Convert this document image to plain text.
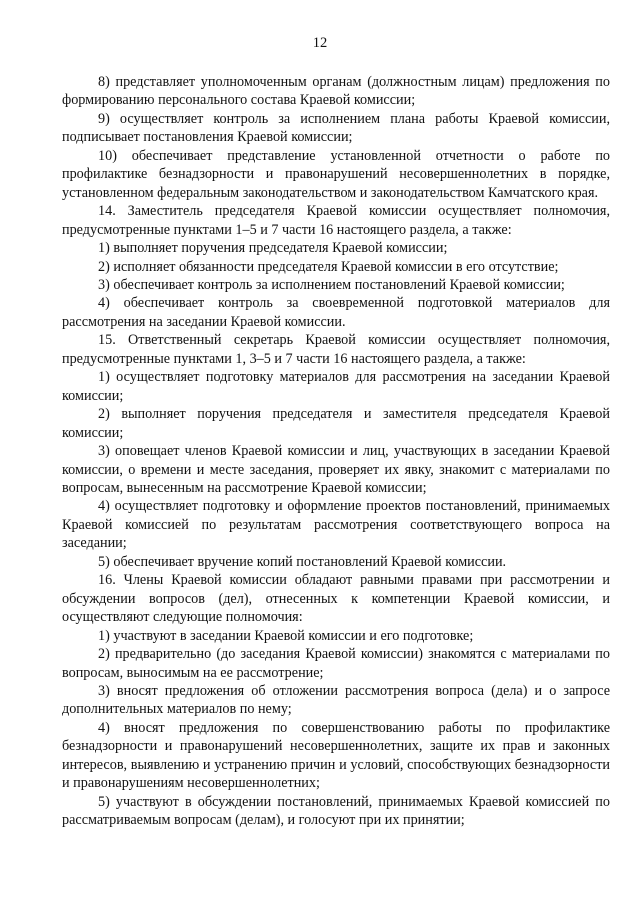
12

8) представляет уполномоченным органам (должностным лицам) предложения по формированию персонального состава Краевой комиссии;

9) осуществляет контроль за исполнением плана работы Краевой комиссии, подписывает постановления Краевой комиссии;

10) обеспечивает представление установленной отчетности о работе по профилактике безнадзорности и правонарушений несовершеннолетних в порядке, установленном федеральным законодательством и законодательством Камчатского края.

14. Заместитель председателя Краевой комиссии осуществляет полномочия, предусмотренные пунктами 1–5 и 7 части 16 настоящего раздела, а также:

1) выполняет поручения председателя Краевой комиссии;

2) исполняет обязанности председателя Краевой комиссии в его отсутствие;

3) обеспечивает контроль за исполнением постановлений Краевой комиссии;

4) обеспечивает контроль за своевременной подготовкой материалов для рассмотрения на заседании Краевой комиссии.

15. Ответственный секретарь Краевой комиссии осуществляет полномочия, предусмотренные пунктами 1, 3–5 и 7 части 16 настоящего раздела, а также:

1) осуществляет подготовку материалов для рассмотрения на заседании Краевой комиссии;

2) выполняет поручения председателя и заместителя председателя Краевой комиссии;

3) оповещает членов Краевой комиссии и лиц, участвующих в заседании Краевой комиссии, о времени и месте заседания, проверяет их явку, знакомит с материалами по вопросам, вынесенным на рассмотрение Краевой комиссии;

4) осуществляет подготовку и оформление проектов постановлений, принимаемых Краевой комиссией по результатам рассмотрения соответствующего вопроса на заседании;

5) обеспечивает вручение копий постановлений Краевой комиссии.

16. Члены Краевой комиссии обладают равными правами при рассмотрении и обсуждении вопросов (дел), отнесенных к компетенции Краевой комиссии, и осуществляют следующие полномочия:

1) участвуют в заседании Краевой комиссии и его подготовке;

2) предварительно (до заседания Краевой комиссии) знакомятся с материалами по вопросам, выносимым на ее рассмотрение;

3) вносят предложения об отложении рассмотрения вопроса (дела) и о запросе дополнительных материалов по нему;

4) вносят предложения по совершенствованию работы по профилактике безнадзорности и правонарушений несовершеннолетних, защите их прав и законных интересов, выявлению и устранению причин и условий, способствующих безнадзорности и правонарушениям несовершеннолетних;

5) участвуют в обсуждении постановлений, принимаемых Краевой комиссией по рассматриваемым вопросам (делам), и голосуют при их принятии;
